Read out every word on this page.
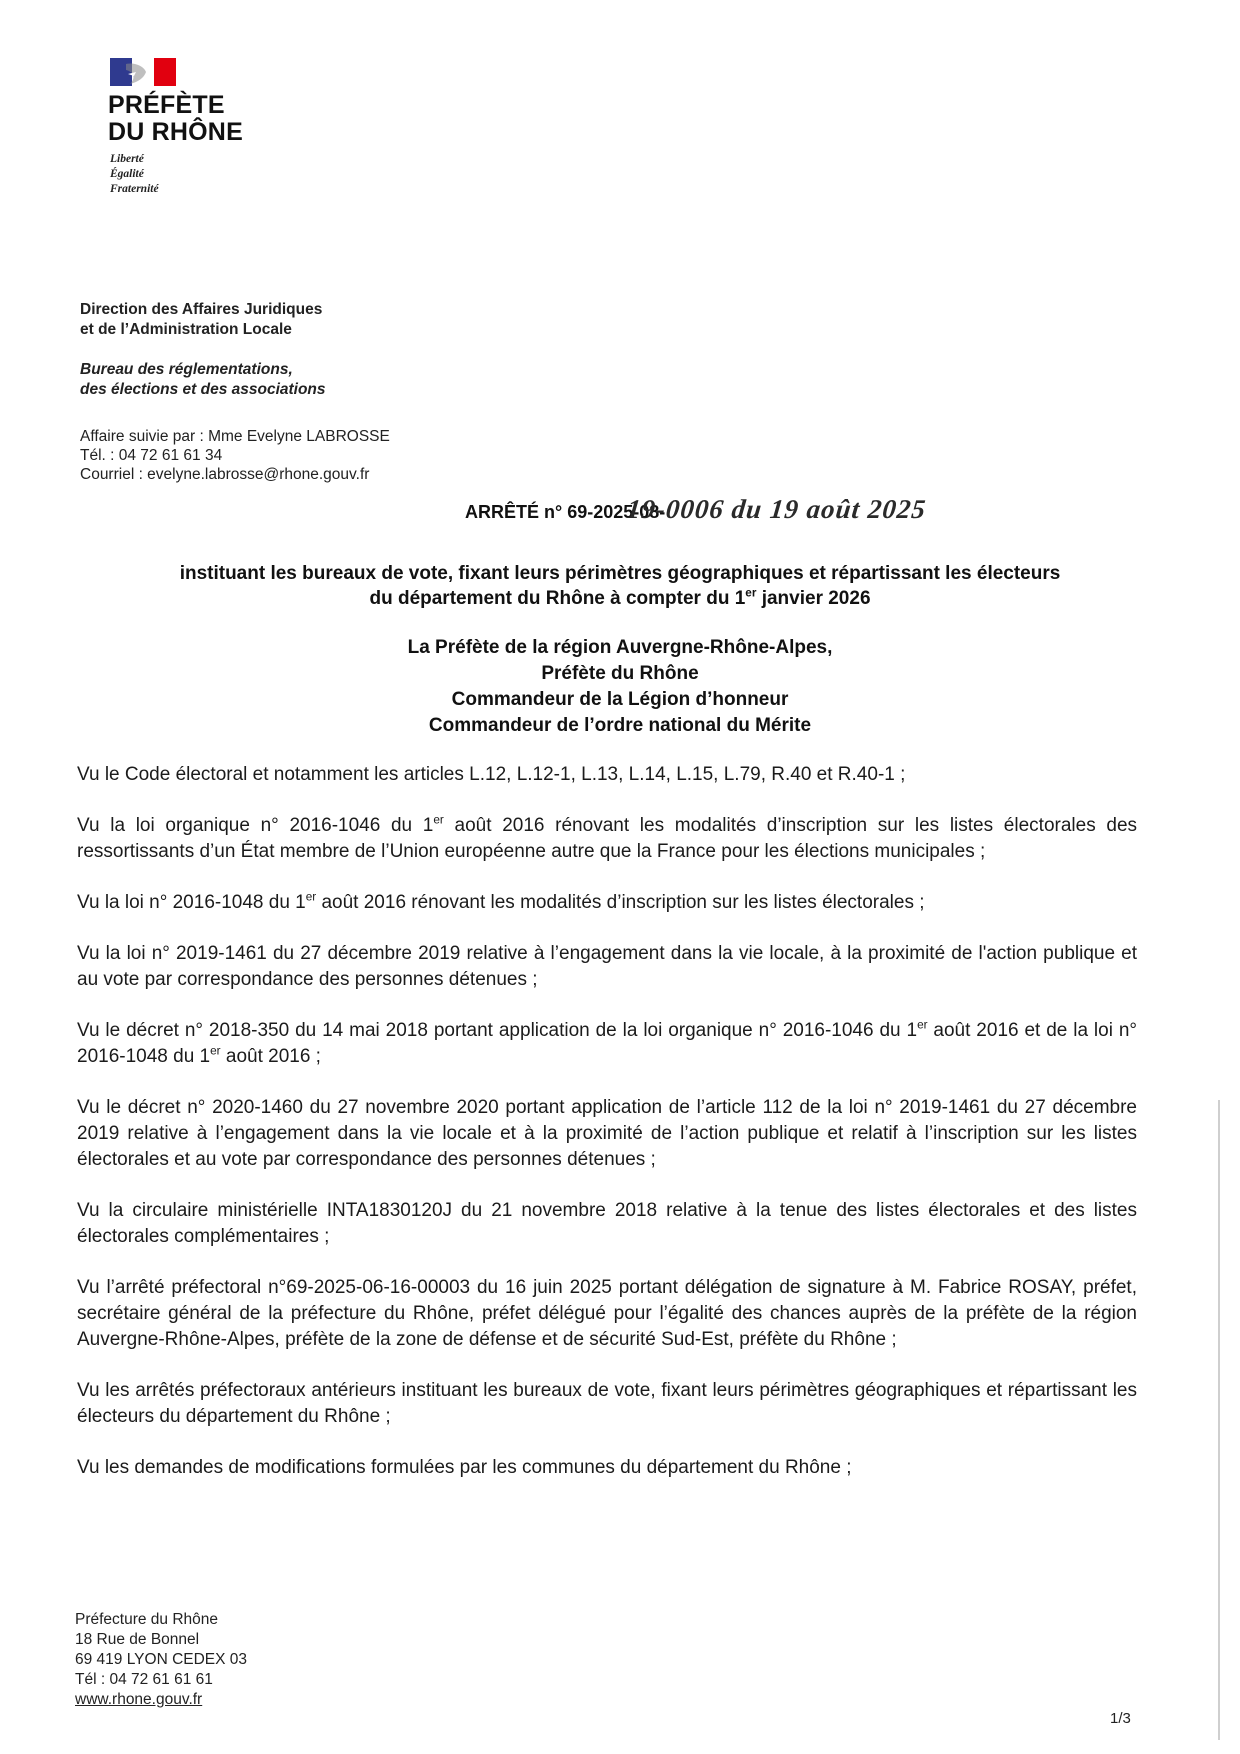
PRÉFÈTE
DU RHÔNE
Liberté
Égalité
Fraternité
Direction des Affaires Juridiques
et de l’Administration Locale
Bureau des réglementations,
des élections et des associations
Affaire suivie par : Mme Evelyne LABROSSE
Tél. : 04 72 61 61 34
Courriel : evelyne.labrosse@rhone.gouv.fr
ARRÊTÉ n° 69-2025-08-
19-0006 du 19 août 2025
instituant les bureaux de vote, fixant leurs périmètres géographiques et répartissant les électeurs
du département du Rhône à compter du 1er janvier 2026
La Préfète de la région Auvergne-Rhône-Alpes,
Préfète du Rhône
Commandeur de la Légion d’honneur
Commandeur de l’ordre national du Mérite

Vu le Code électoral et notamment les articles L.12, L.12-1, L.13, L.14, L.15, L.79, R.40 et R.40-1 ;

Vu la loi organique n° 2016-1046 du 1er août 2016 rénovant les modalités d’inscription sur les listes électorales des ressortissants d’un État membre de l’Union européenne autre que la France pour les élections municipales ;

Vu la loi n° 2016-1048 du 1er août 2016 rénovant les modalités d’inscription sur les listes électorales ;

Vu la loi n° 2019-1461 du 27 décembre 2019 relative à l’engagement dans la vie locale, à la proximité de l'action publique et au vote par correspondance des personnes détenues ;

Vu le décret n° 2018-350 du 14 mai 2018 portant application de la loi organique n° 2016-1046 du 1er août 2016 et de la loi n° 2016-1048 du 1er août 2016 ;

Vu le décret n° 2020-1460 du 27 novembre 2020 portant application de l’article 112 de la loi n° 2019-1461 du 27 décembre 2019 relative à l’engagement dans la vie locale et à la proximité de l’action publique et relatif à l’inscription sur les listes électorales et au vote par correspondance des personnes détenues ;

Vu la circulaire ministérielle INTA1830120J du 21 novembre 2018 relative à la tenue des listes électorales et des listes électorales complémentaires ;

Vu l’arrêté préfectoral n°69-2025-06-16-00003 du 16 juin 2025 portant délégation de signature à M. Fabrice ROSAY, préfet, secrétaire général de la préfecture du Rhône, préfet délégué pour l’égalité des chances auprès de la préfète de la région Auvergne-Rhône-Alpes, préfète de la zone de défense et de sécurité Sud-Est, préfète du Rhône ;

Vu les arrêtés préfectoraux antérieurs instituant les bureaux de vote, fixant leurs périmètres géographiques et répartissant les électeurs du département du Rhône ;

Vu les demandes de modifications formulées par les communes du département du Rhône ;

Préfecture du Rhône
18 Rue de Bonnel
69 419 LYON CEDEX 03
Tél : 04 72 61 61 61
www.rhone.gouv.fr
1/3
